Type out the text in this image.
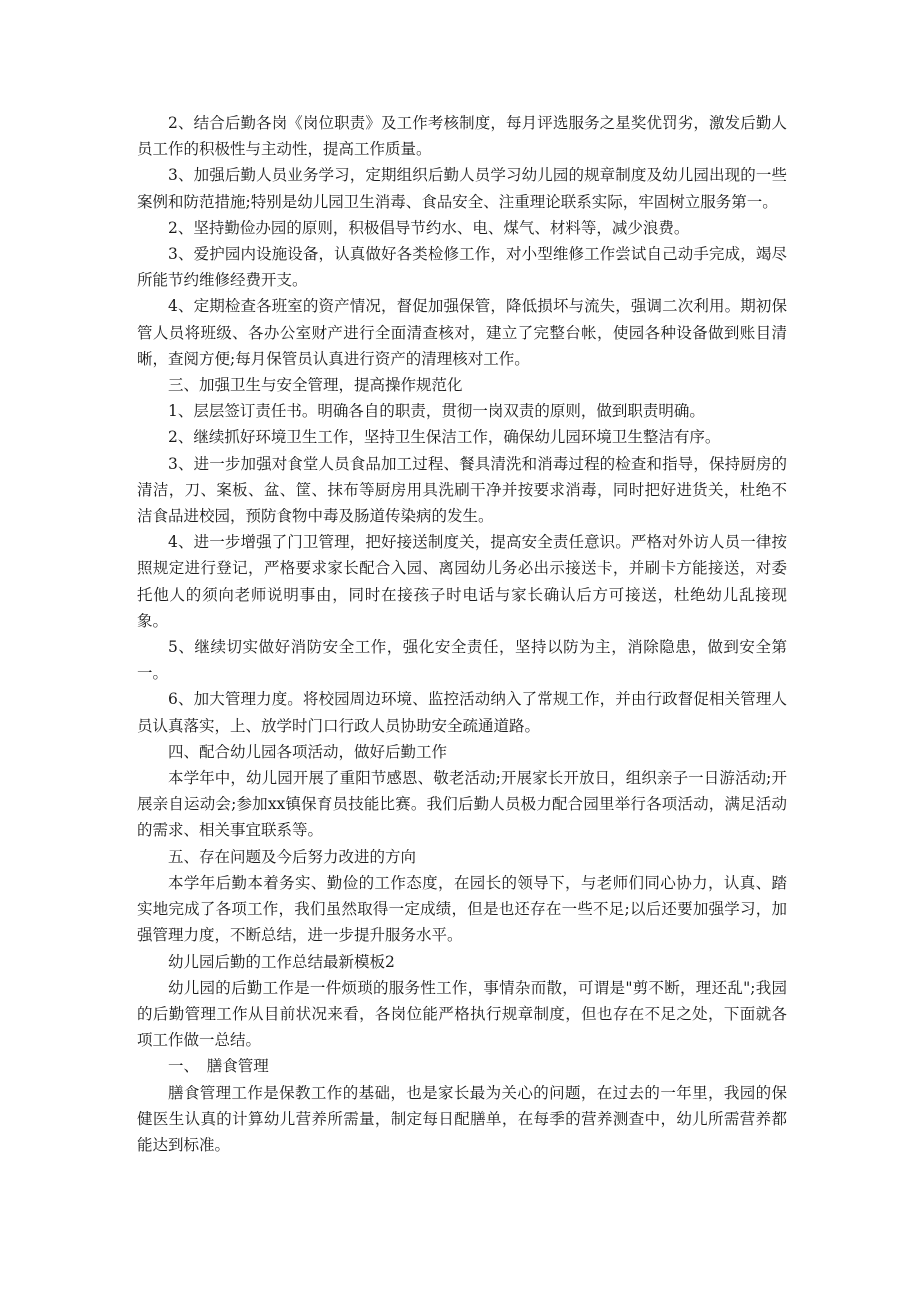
2、结合后勤各岗《岗位职责》及工作考核制度，每月评选服务之星奖优罚劣，激发后勤人员工作的积极性与主动性，提高工作质量。

3、加强后勤人员业务学习，定期组织后勤人员学习幼儿园的规章制度及幼儿园出现的一些案例和防范措施;特别是幼儿园卫生消毒、食品安全、注重理论联系实际，牢固树立服务第一。

2、坚持勤俭办园的原则，积极倡导节约水、电、煤气、材料等，减少浪费。

3、爱护园内设施设备，认真做好各类检修工作，对小型维修工作尝试自己动手完成，竭尽所能节约维修经费开支。

4、定期检查各班室的资产情况，督促加强保管，降低损坏与流失，强调二次利用。期初保管人员将班级、各办公室财产进行全面清查核对，建立了完整台帐，使园各种设备做到账目清晰，查阅方便;每月保管员认真进行资产的清理核对工作。

三、加强卫生与安全管理，提高操作规范化

1、层层签订责任书。明确各自的职责，贯彻一岗双责的原则，做到职责明确。

2、继续抓好环境卫生工作，坚持卫生保洁工作，确保幼儿园环境卫生整洁有序。

3、进一步加强对食堂人员食品加工过程、餐具清洗和消毒过程的检查和指导，保持厨房的清洁，刀、案板、盆、筐、抹布等厨房用具洗刷干净并按要求消毒，同时把好进货关，杜绝不洁食品进校园，预防食物中毒及肠道传染病的发生。

4、进一步增强了门卫管理，把好接送制度关，提高安全责任意识。严格对外访人员一律按照规定进行登记，严格要求家长配合入园、离园幼儿务必出示接送卡，并刷卡方能接送，对委托他人的须向老师说明事由，同时在接孩子时电话与家长确认后方可接送，杜绝幼儿乱接现象。

5、继续切实做好消防安全工作，强化安全责任，坚持以防为主，消除隐患，做到安全第一。

6、加大管理力度。将校园周边环境、监控活动纳入了常规工作，并由行政督促相关管理人员认真落实，上、放学时门口行政人员协助安全疏通道路。

四、配合幼儿园各项活动，做好后勤工作

本学年中，幼儿园开展了重阳节感恩、敬老活动;开展家长开放日，组织亲子一日游活动;开展亲自运动会;参加xx镇保育员技能比赛。我们后勤人员极力配合园里举行各项活动，满足活动的需求、相关事宜联系等。

五、存在问题及今后努力改进的方向

本学年后勤本着务实、勤俭的工作态度，在园长的领导下，与老师们同心协力，认真、踏实地完成了各项工作，我们虽然取得一定成绩，但是也还存在一些不足;以后还要加强学习，加强管理力度，不断总结，进一步提升服务水平。

幼儿园后勤的工作总结最新模板2

幼儿园的后勤工作是一件烦琐的服务性工作，事情杂而散，可谓是"剪不断，理还乱";我园的后勤管理工作从目前状况来看，各岗位能严格执行规章制度，但也存在不足之处，下面就各项工作做一总结。

一、　膳食管理

膳食管理工作是保教工作的基础，也是家长最为关心的问题，在过去的一年里，我园的保健医生认真的计算幼儿营养所需量，制定每日配膳单，在每季的营养测查中，幼儿所需营养都能达到标准。
